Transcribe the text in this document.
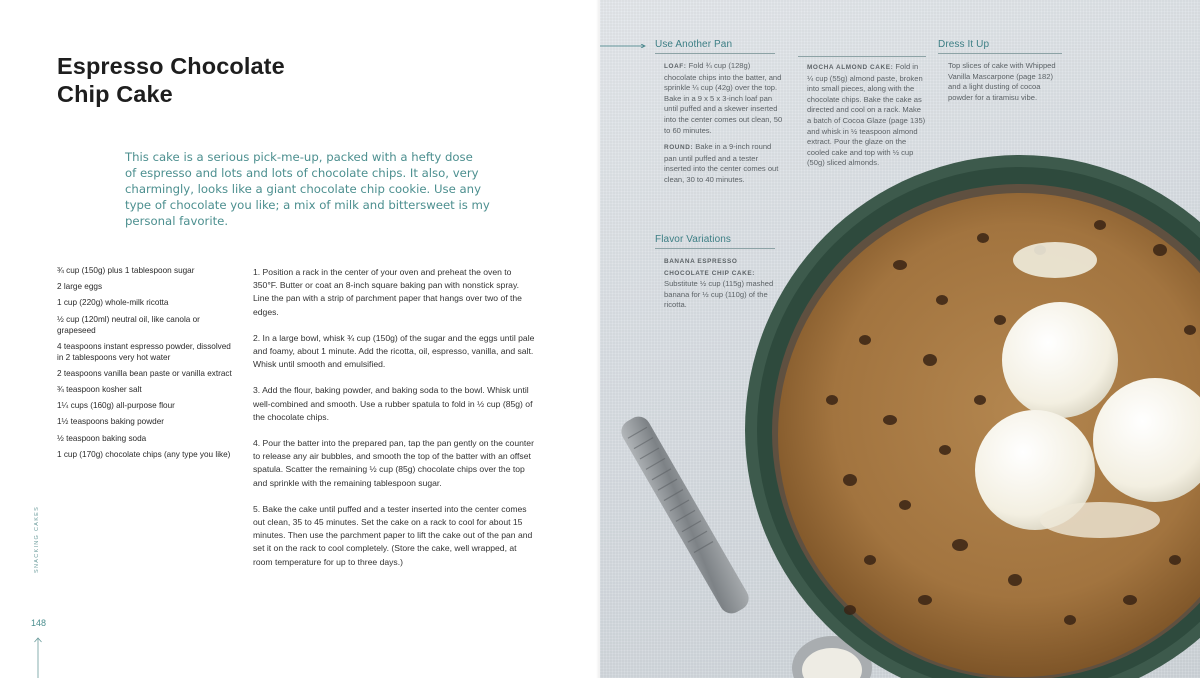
Espresso Chocolate
Chip Cake
This cake is a serious pick-me-up, packed with a hefty dose
of espresso and lots and lots of chocolate chips. It also, very
charmingly, looks like a giant chocolate chip cookie. Use any
type of chocolate you like; a mix of milk and bittersweet is my
personal favorite.
¾ cup (150g) plus 1 tablespoon sugar
2 large eggs
1 cup (220g) whole-milk ricotta
½ cup (120ml) neutral oil, like canola or grapeseed
4 teaspoons instant espresso powder, dissolved in 2 tablespoons very hot water
2 teaspoons vanilla bean paste or vanilla extract
¾ teaspoon kosher salt
1¼ cups (160g) all-purpose flour
1½ teaspoons baking powder
½ teaspoon baking soda
1 cup (170g) chocolate chips (any type you like)
1. Position a rack in the center of your oven and preheat the oven to 350°F. Butter or coat an 8-inch square baking pan with nonstick spray. Line the pan with a strip of parchment paper that hangs over two of the edges.
2. In a large bowl, whisk ¾ cup (150g) of the sugar and the eggs until pale and foamy, about 1 minute. Add the ricotta, oil, espresso, vanilla, and salt. Whisk until smooth and emulsified.
3. Add the flour, baking powder, and baking soda to the bowl. Whisk until well-combined and smooth. Use a rubber spatula to fold in ½ cup (85g) of the chocolate chips.
4. Pour the batter into the prepared pan, tap the pan gently on the counter to release any air bubbles, and smooth the top of the batter with an offset spatula. Scatter the remaining ½ cup (85g) chocolate chips over the top and sprinkle with the remaining tablespoon sugar.
5. Bake the cake until puffed and a tester inserted into the center comes out clean, 35 to 45 minutes. Set the cake on a rack to cool for about 15 minutes. Then use the parchment paper to lift the cake out of the pan and set it on the rack to cool completely. (Store the cake, well wrapped, at room temperature for up to three days.)
SNACKING CAKES
148
Use Another Pan

LOAF: Fold ¾ cup (128g) chocolate chips into the batter, and sprinkle ¼ cup (42g) over the top. Bake in a 9 x 5 x 3-inch loaf pan until puffed and a skewer inserted into the center comes out clean, 50 to 60 minutes.

ROUND: Bake in a 9-inch round pan until puffed and a tester inserted into the center comes out clean, 30 to 40 minutes.

MOCHA ALMOND CAKE: Fold in ¼ cup (55g) almond paste, broken into small pieces, along with the chocolate chips. Bake the cake as directed and cool on a rack. Make a batch of Cocoa Glaze (page 135) and whisk in ½ teaspoon almond extract. Pour the glaze on the cooled cake and top with ½ cup (50g) sliced almonds.

Dress It Up

Top slices of cake with Whipped Vanilla Mascarpone (page 182) and a light dusting of cocoa powder for a tiramisu vibe.

Flavor Variations

BANANA ESPRESSO CHOCOLATE CHIP CAKE: Substitute ½ cup (115g) mashed banana for ½ cup (110g) of the ricotta.
